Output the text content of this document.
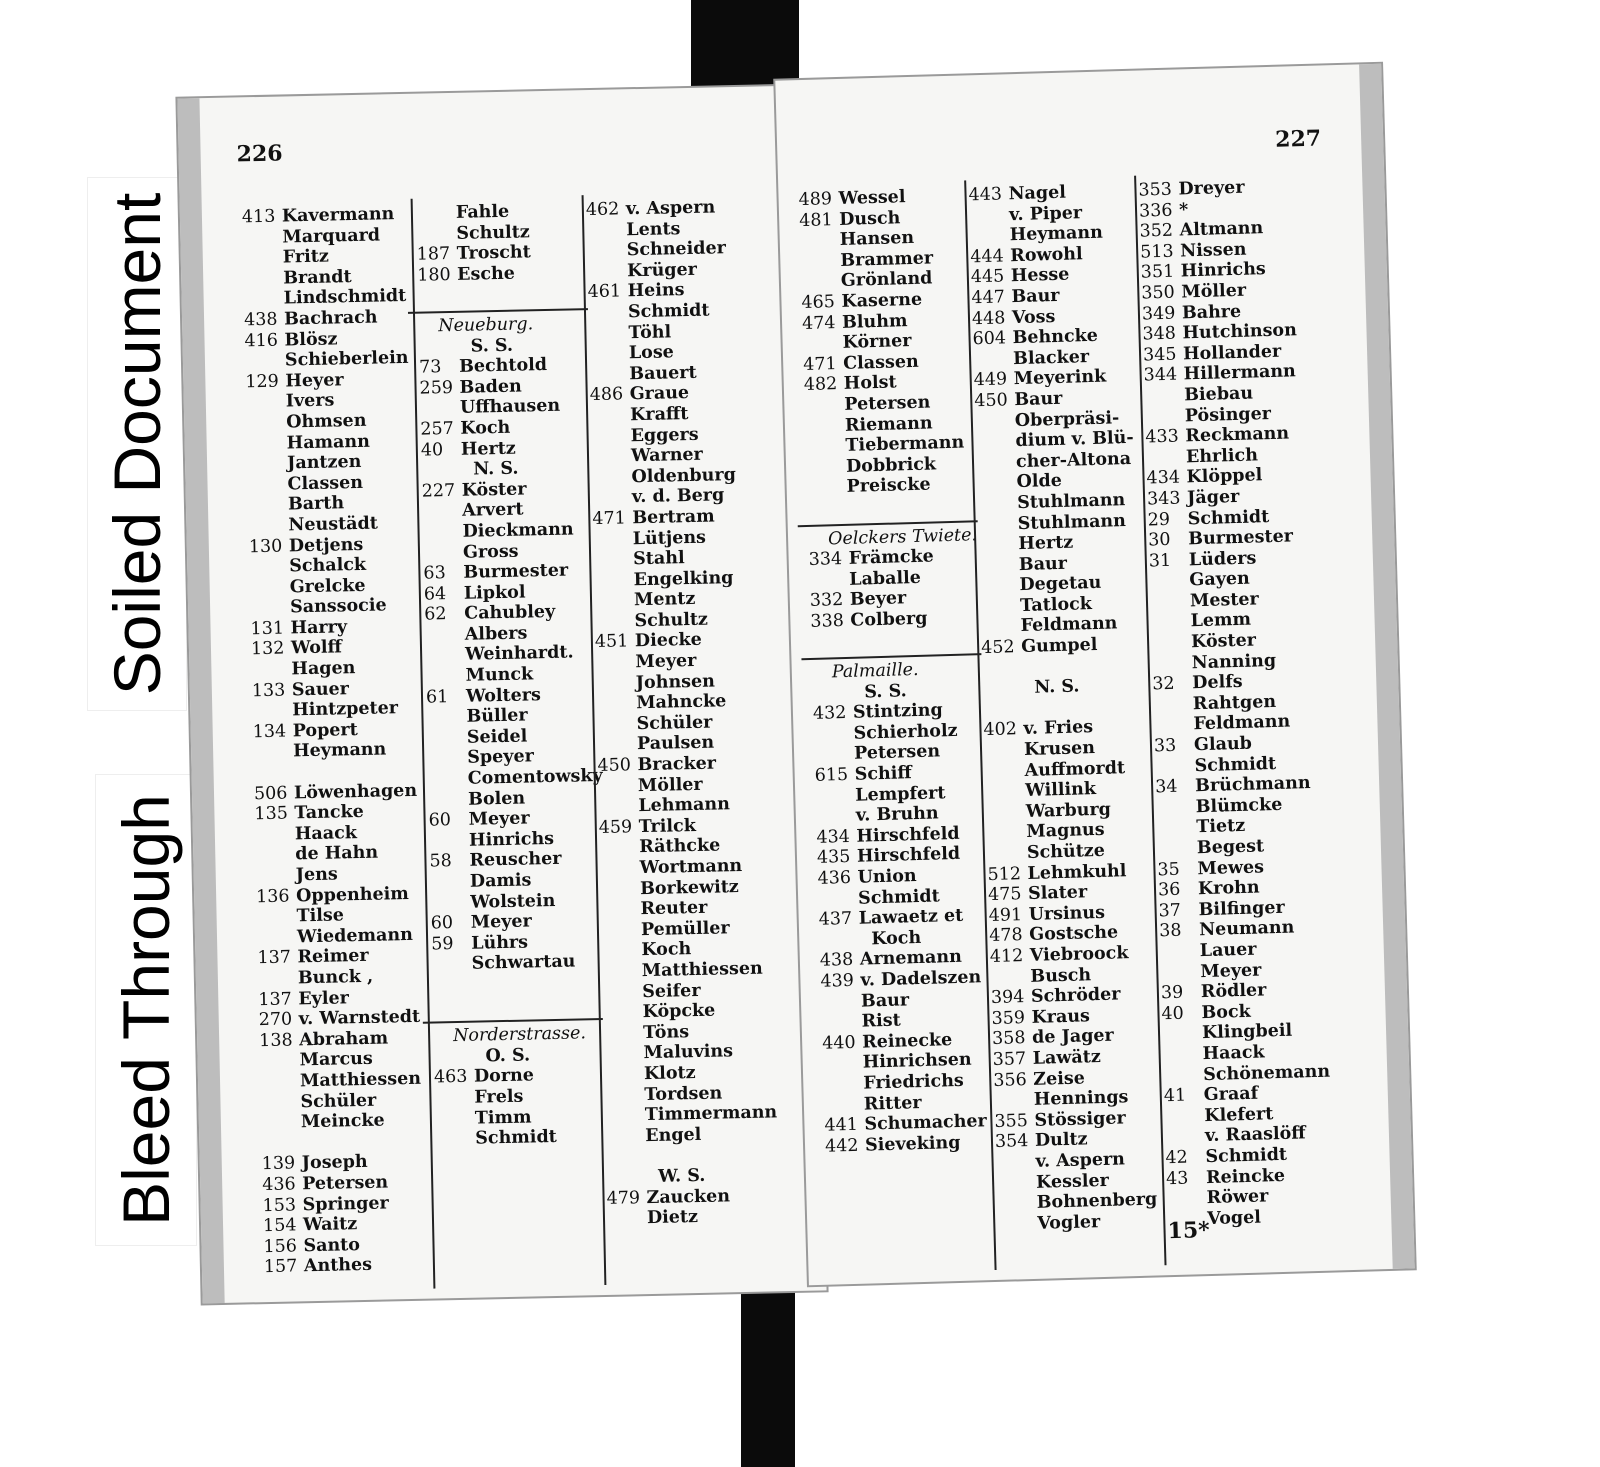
Soiled Document
Bleed Through
226
413 Kavermann
Marquard
Fritz
Brandt
Lindschmidt
438 Bachrach
416 Blösz
Schieberlein
129 Heyer
Ivers
Ohmsen
Hamann
Jantzen
Classen
Barth
Neustädt
130 Detjens
Schalck
Grelcke
Sanssocie
131 Harry
132 Wolff
Hagen
133 Sauer
Hintzpeter
134 Popert
Heymann
506 Löwenhagen
135 Tancke
Haack
de Hahn
Jens
136 Oppenheim
Tilse
Wiedemann
137 Reimer
Bunck ,
137 Eyler
270 v. Warnstedt
138 Abraham
Marcus
Matthiessen
Schüler
Meincke
139 Joseph
436 Petersen
153 Springer
154 Waitz
156 Santo
157 Anthes
Fahle
Schultz
187 Troscht
180 Esche
Neueburg.
S. S.
73 Bechtold
259 Baden
Uffhausen
257 Koch
40 Hertz
N. S.
227 Köster
Arvert
Dieckmann
Gross
63 Burmester
64 Lipkol
62 Cahubley
Albers
Weinhardt.
Munck
61 Wolters
Büller
Seidel
Speyer
Comentowsky
Bolen
60 Meyer
Hinrichs
58 Reuscher
Damis
Wolstein
60 Meyer
59 Lührs
Schwartau
Norderstrasse.
O. S.
463 Dorne
Frels
Timm
Schmidt
462 v. Aspern
Lents
Schneider
Krüger
461 Heins
Schmidt
Töhl
Lose
Bauert
486 Graue
Krafft
Eggers
Warner
Oldenburg
v. d. Berg
471 Bertram
Lütjens
Stahl
Engelking
Mentz
Schultz
451 Diecke
Meyer
Johnsen
Mahncke
Schüler
Paulsen
450 Bracker
Möller
Lehmann
459 Trilck
Räthcke
Wortmann
Borkewitz
Reuter
Pemüller
Koch
Matthiessen
Seifer
Köpcke
Töns
Maluvins
Klotz
Tordsen
Timmermann
Engel
W. S.
479 Zaucken
Dietz
227
489 Wessel
481 Dusch
Hansen
Brammer
Grönland
465 Kaserne
474 Bluhm
Körner
471 Classen
482 Holst
Petersen
Riemann
Tiebermann
Dobbrick
Preiscke
Oelckers Twiete.
334 Främcke
Laballe
332 Beyer
338 Colberg
Palmaille.
S. S.
432 Stintzing
Schierholz
Petersen
615 Schiff
Lempfert
v. Bruhn
434 Hirschfeld
435 Hirschfeld
436 Union
Schmidt
437 Lawaetz et
Koch
438 Arnemann
439 v. Dadelszen
Baur
Rist
440 Reinecke
Hinrichsen
Friedrichs
Ritter
441 Schumacher
442 Sieveking
443 Nagel
v. Piper
Heymann
444 Rowohl
445 Hesse
447 Baur
448 Voss
604 Behncke
Blacker
449 Meyerink
450 Baur
Oberpräsi-
dium v. Blü-
cher-Altona
Olde
Stuhlmann
Stuhlmann
Hertz
Baur
Degetau
Tatlock
Feldmann
452 Gumpel
N. S.
402 v. Fries
Krusen
Auffmordt
Willink
Warburg
Magnus
Schütze
512 Lehmkuhl
475 Slater
491 Ursinus
478 Gostsche
412 Viebroock
Busch
394 Schröder
359 Kraus
358 de Jager
357 Lawätz
356 Zeise
Hennings
355 Stössiger
354 Dultz
v. Aspern
Kessler
Bohnenberg
Vogler
353 Dreyer
336 *
352 Altmann
513 Nissen
351 Hinrichs
350 Möller
349 Bahre
348 Hutchinson
345 Hollander
344 Hillermann
Biebau
Pösinger
433 Reckmann
Ehrlich
434 Klöppel
343 Jäger
29 Schmidt
30 Burmester
31 Lüders
Gayen
Mester
Lemm
Köster
Nanning
32 Delfs
Rahtgen
Feldmann
33 Glaub
Schmidt
34 Brüchmann
Blümcke
Tietz
Begest
35 Mewes
36 Krohn
37 Bilfinger
38 Neumann
Lauer
Meyer
39 Rödler
40 Bock
Klingbeil
Haack
Schönemann
41 Graaf
Klefert
v. Raaslöff
42 Schmidt
43 Reincke
Röwer
Vogel
15*
